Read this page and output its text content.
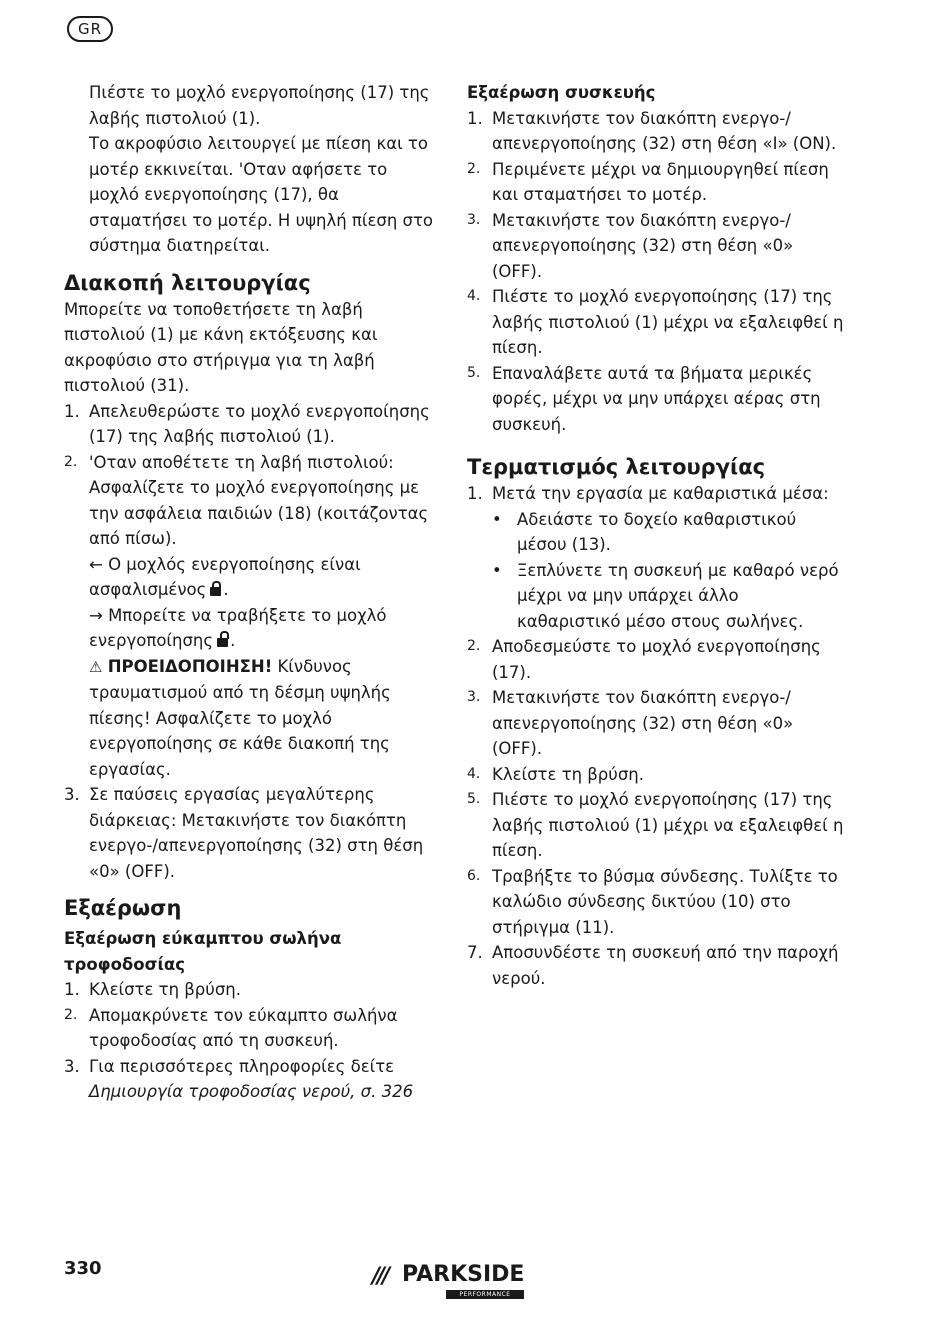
GR

Πιέστε το μοχλό ενεργοποίησης (17) της λαβής πιστολιού (1).

Το ακροφύσιο λειτουργεί με πίεση και το μοτέρ εκκινείται. 'Οταν αφήσετε το μοχλό ενεργοποίησης (17), θα σταματήσει το μοτέρ. Η υψηλή πίεση στο σύστημα διατηρείται.

Διακοπή λειτουργίας

Μπορείτε να τοποθετήσετε τη λαβή πιστολιού (1) με κάνη εκτόξευσης και ακροφύσιο στο στήριγμα για τη λαβή πιστολιού (31).

1. Απελευθερώστε το μοχλό ενεργοποίησης (17) της λαβής πιστολιού (1).
2. 'Οταν αποθέτετε τη λαβή πιστολιού: Ασφαλίζετε το μοχλό ενεργοποίησης με την ασφάλεια παιδιών (18) (κοιτάζοντας από πίσω).

← Ο μοχλός ενεργοποίησης είναι ασφαλισμένος .

→ Μπορείτε να τραβήξετε το μοχλό ενεργοποίησης .

⚠ ΠΡΟΕΙΔΟΠΟΙΗΣΗ! Κίνδυνος τραυματισμού από τη δέσμη υψηλής πίεσης! Ασφαλίζετε το μοχλό ενεργοποίησης σε κάθε διακοπή της εργασίας.

3. Σε παύσεις εργασίας μεγαλύτερης διάρκειας: Μετακινήστε τον διακόπτη ενεργο-/απενεργοποίησης (32) στη θέση «0» (OFF).

Εξαέρωση

Εξαέρωση εύκαμπτου σωλήνα τροφοδοσίας

1. Κλείστε τη βρύση.
2. Απομακρύνετε τον εύκαμπτο σωλήνα τροφοδοσίας από τη συσκευή.
3. Για περισσότερες πληροφορίες δείτε Δημιουργία τροφοδοσίας νερού, σ. 326

Εξαέρωση συσκευής

1. Μετακινήστε τον διακόπτη ενεργο-/απενεργοποίησης (32) στη θέση «I» (ON).
2. Περιμένετε μέχρι να δημιουργηθεί πίεση και σταματήσει το μοτέρ.
3. Μετακινήστε τον διακόπτη ενεργο-/απενεργοποίησης (32) στη θέση «0» (OFF).
4. Πιέστε το μοχλό ενεργοποίησης (17) της λαβής πιστολιού (1) μέχρι να εξαλειφθεί η πίεση.
5. Επαναλάβετε αυτά τα βήματα μερικές φορές, μέχρι να μην υπάρχει αέρας στη συσκευή.

Τερματισμός λειτουργίας

1. Μετά την εργασία με καθαριστικά μέσα:
• Αδειάστε το δοχείο καθαριστικού μέσου (13).
• Ξεπλύνετε τη συσκευή με καθαρό νερό μέχρι να μην υπάρχει άλλο καθαριστικό μέσο στους σωλήνες.
2. Αποδεσμεύστε το μοχλό ενεργοποίησης (17).
3. Μετακινήστε τον διακόπτη ενεργο-/απενεργοποίησης (32) στη θέση «0» (OFF).
4. Κλείστε τη βρύση.
5. Πιέστε το μοχλό ενεργοποίησης (17) της λαβής πιστολιού (1) μέχρι να εξαλειφθεί η πίεση.
6. Τραβήξτε το βύσμα σύνδεσης. Τυλίξτε το καλώδιο σύνδεσης δικτύου (10) στο στήριγμα (11).
7. Αποσυνδέστε τη συσκευή από την παροχή νερού.
330	/// PARKSIDE
PERFORMANCE
